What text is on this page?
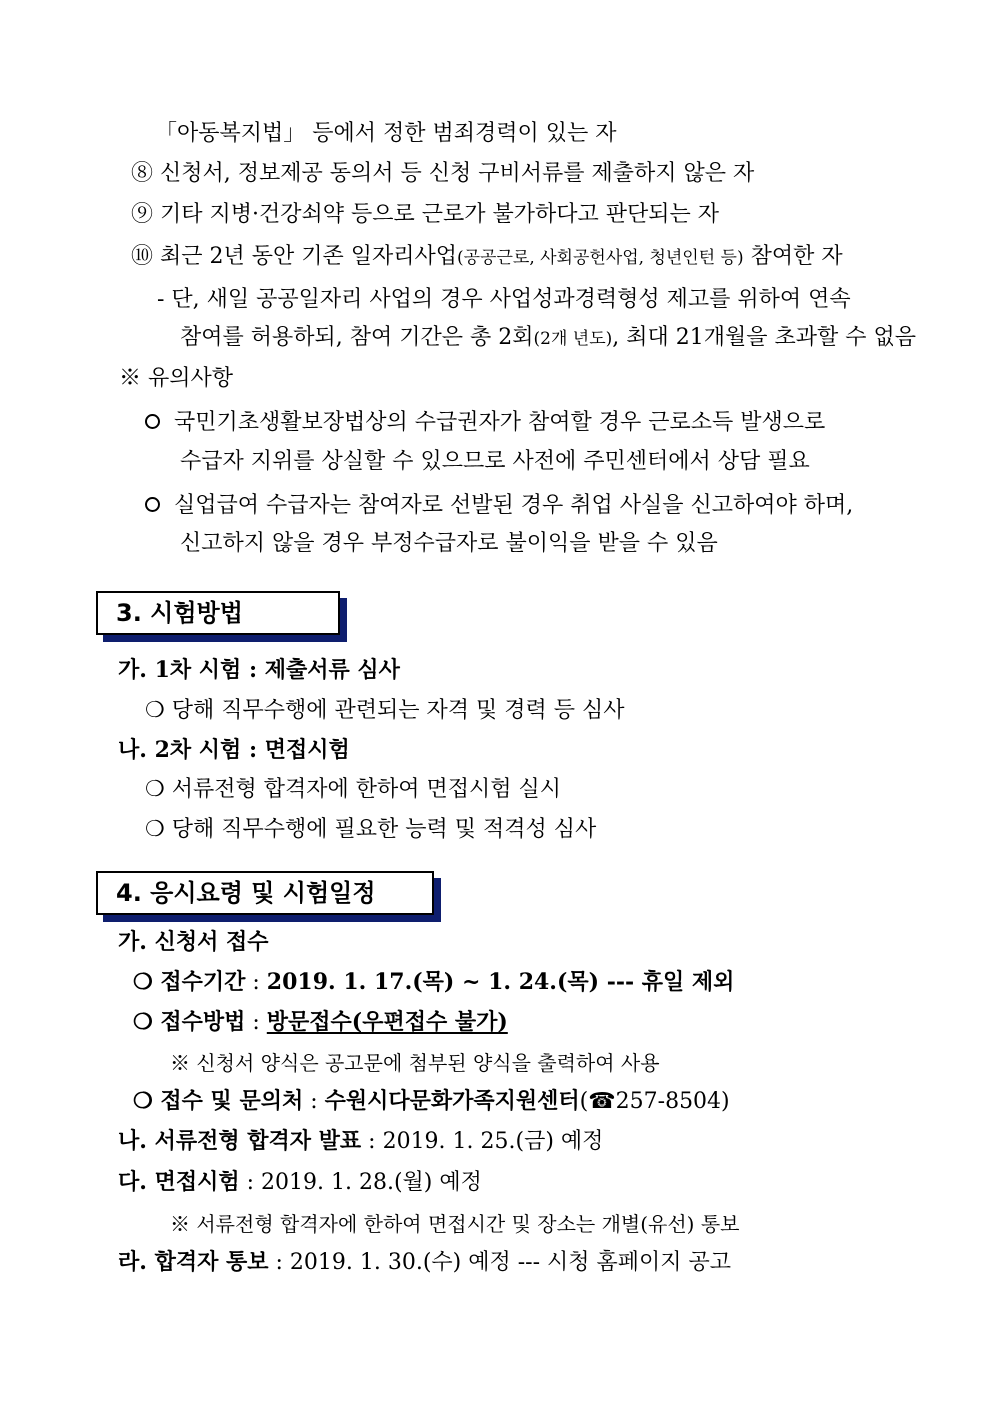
「아동복지법」 등에서 정한 범죄경력이 있는 자
⑧ 신청서, 정보제공 동의서 등 신청 구비서류를 제출하지 않은 자
⑨ 기타 지병·건강쇠약 등으로 근로가 불가하다고 판단되는 자
⑩ 최근 2년 동안 기존 일자리사업(공공근로, 사회공헌사업, 청년인턴 등) 참여한 자
- 단, 새일 공공일자리 사업의 경우 사업성과경력형성 제고를 위하여 연속
참여를 허용하되, 참여 기간은 총 2회(2개 년도), 최대 21개월을 초과할 수 없음
※ 유의사항
국민기초생활보장법상의 수급권자가 참여할 경우 근로소득 발생으로
수급자 지위를 상실할 수 있으므로 사전에 주민센터에서 상담 필요
실업급여 수급자는 참여자로 선발된 경우 취업 사실을 신고하여야 하며,
신고하지 않을 경우 부정수급자로 불이익을 받을 수 있음
3. 시험방법
가. 1차 시험 : 제출서류 심사
❍ 당해 직무수행에 관련되는 자격 및 경력 등 심사
나. 2차 시험 : 면접시험
❍ 서류전형 합격자에 한하여 면접시험 실시
❍ 당해 직무수행에 필요한 능력 및 적격성 심사
4. 응시요령 및 시험일정
가. 신청서 접수
❍ 접수기간 : 2019. 1. 17.(목) ~ 1. 24.(목) --- 휴일 제외
❍ 접수방법 : 방문접수(우편접수 불가)
※ 신청서 양식은 공고문에 첨부된 양식을 출력하여 사용
❍ 접수 및 문의처 : 수원시다문화가족지원센터(☎257-8504)
나. 서류전형 합격자 발표 : 2019. 1. 25.(금) 예정
다. 면접시험 : 2019. 1. 28.(월) 예정
※ 서류전형 합격자에 한하여 면접시간 및 장소는 개별(유선) 통보
라. 합격자 통보 : 2019. 1. 30.(수) 예정 --- 시청 홈페이지 공고
